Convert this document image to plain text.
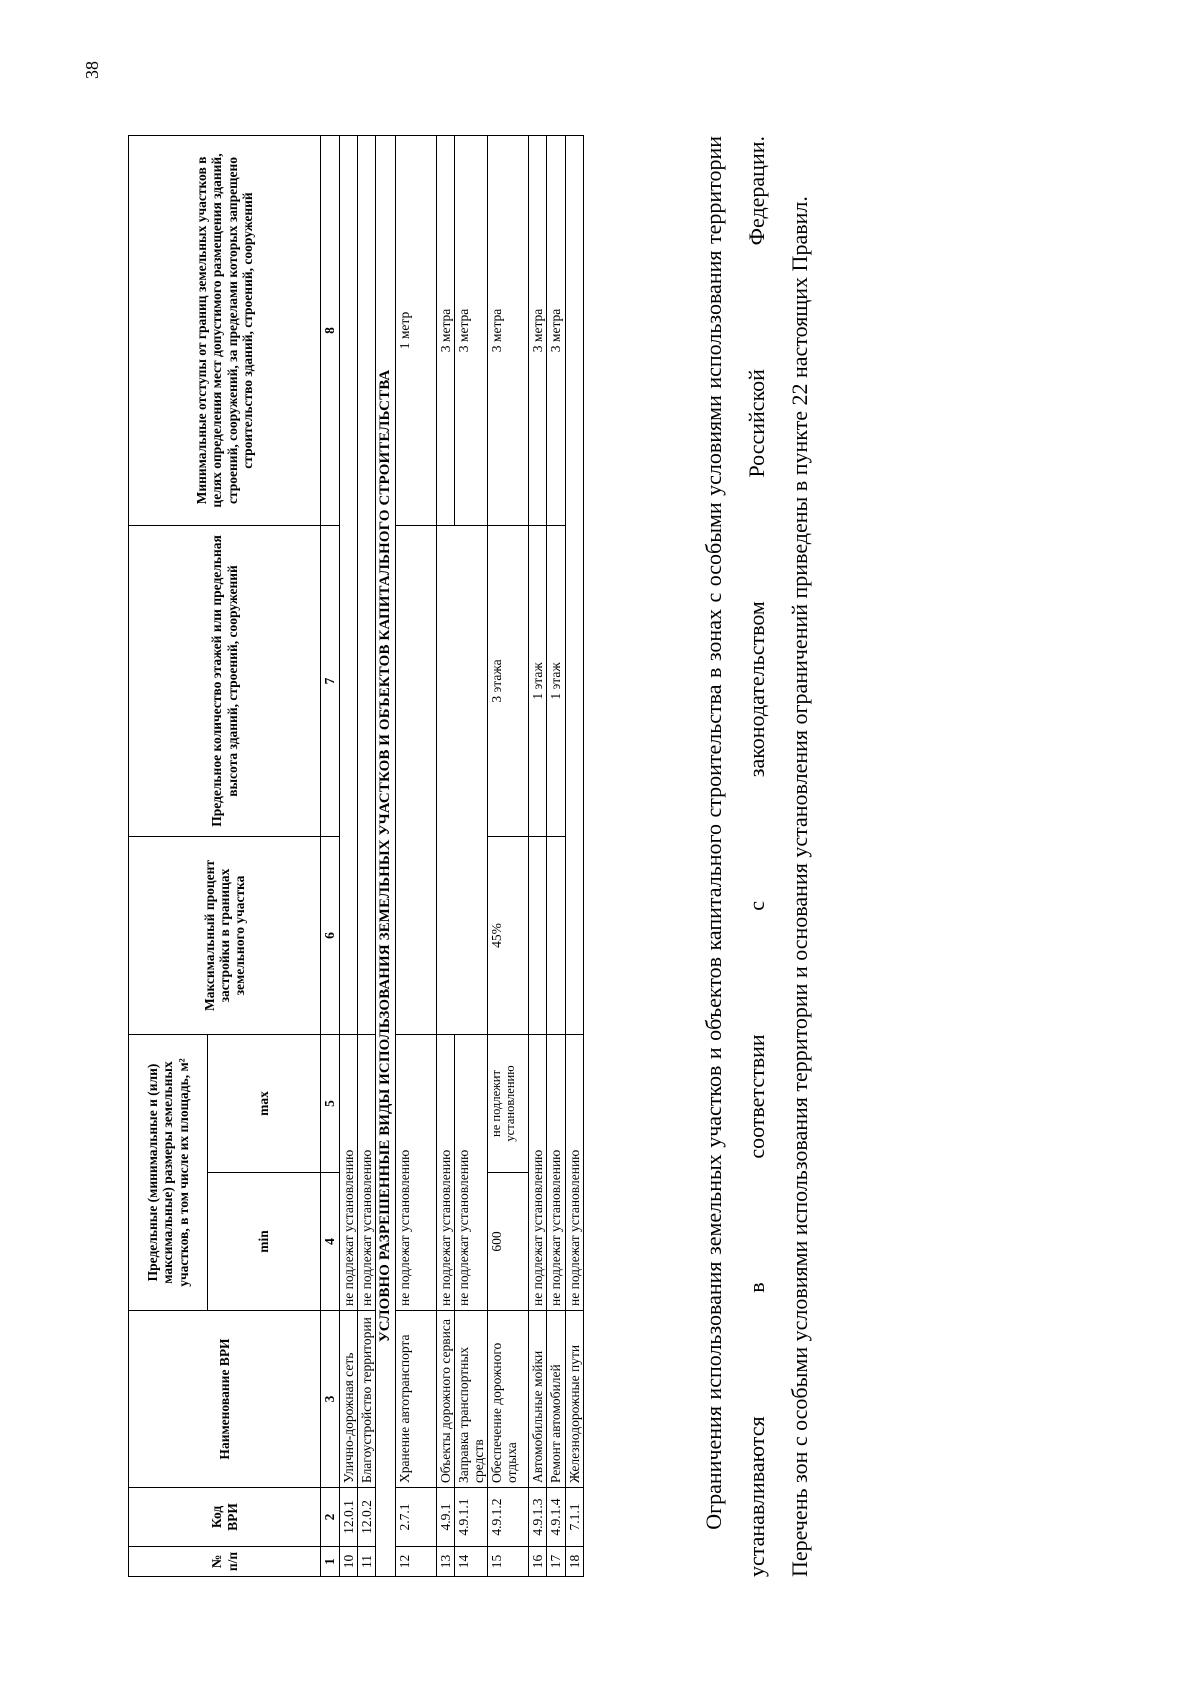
38
№ п/п	Код ВРИ	Наименование ВРИ	Предельные (минимальные и (или) максимальные) размеры земельных участков, в том числе их площадь, м²		Максимальный процент застройки в границах земельного участка	Предельное количество этажей или предельная высота зданий, строений, сооружений	Минимальные отступы от границ земельных участков в целях определения мест допустимого размещения зданий, строений, сооружений, за пределами которых запрещено строительство зданий, строений, сооружений
			min	max			
1	2	3	4	5	6	7	8
10	12.0.1	Улично-дорожная сеть	не подлежат установлению				
11	12.0.2	Благоустройство территории	не подлежат установлению				
УСЛОВНО РАЗРЕШЕННЫЕ ВИДЫ ИСПОЛЬЗОВАНИЯ ЗЕМЕЛЬНЫХ УЧАСТКОВ И ОБЪЕКТОВ КАПИТАЛЬНОГО СТРОИТЕЛЬСТВА							
12	2.7.1	Хранение автотранспорта	не подлежат установлению				1 метр
13	4.9.1	Объекты дорожного сервиса	не подлежат установлению				3 метра
14	4.9.1.1	Заправка транспортных средств	не подлежат установлению				3 метра
15	4.9.1.2	Обеспечение дорожного отдыха	600	не подлежит установлению	45%	3 этажа	3 метра
16	4.9.1.3	Автомобильные мойки	не подлежат установлению			1 этаж	3 метра
17	4.9.1.4	Ремонт автомобилей	не подлежат установлению			1 этаж	3 метра
18	7.1.1	Железнодорожные пути	не подлежат установлению					Ограничения использования земельных участков и объектов капитального строительства в зонах с особыми условиями использования территории устанавливаются в соответствии с законодательством Российской Федерации. Перечень зон с особыми условиями использования территории и основания установления ограничений приведены в пункте 22 настоящих Правил.
